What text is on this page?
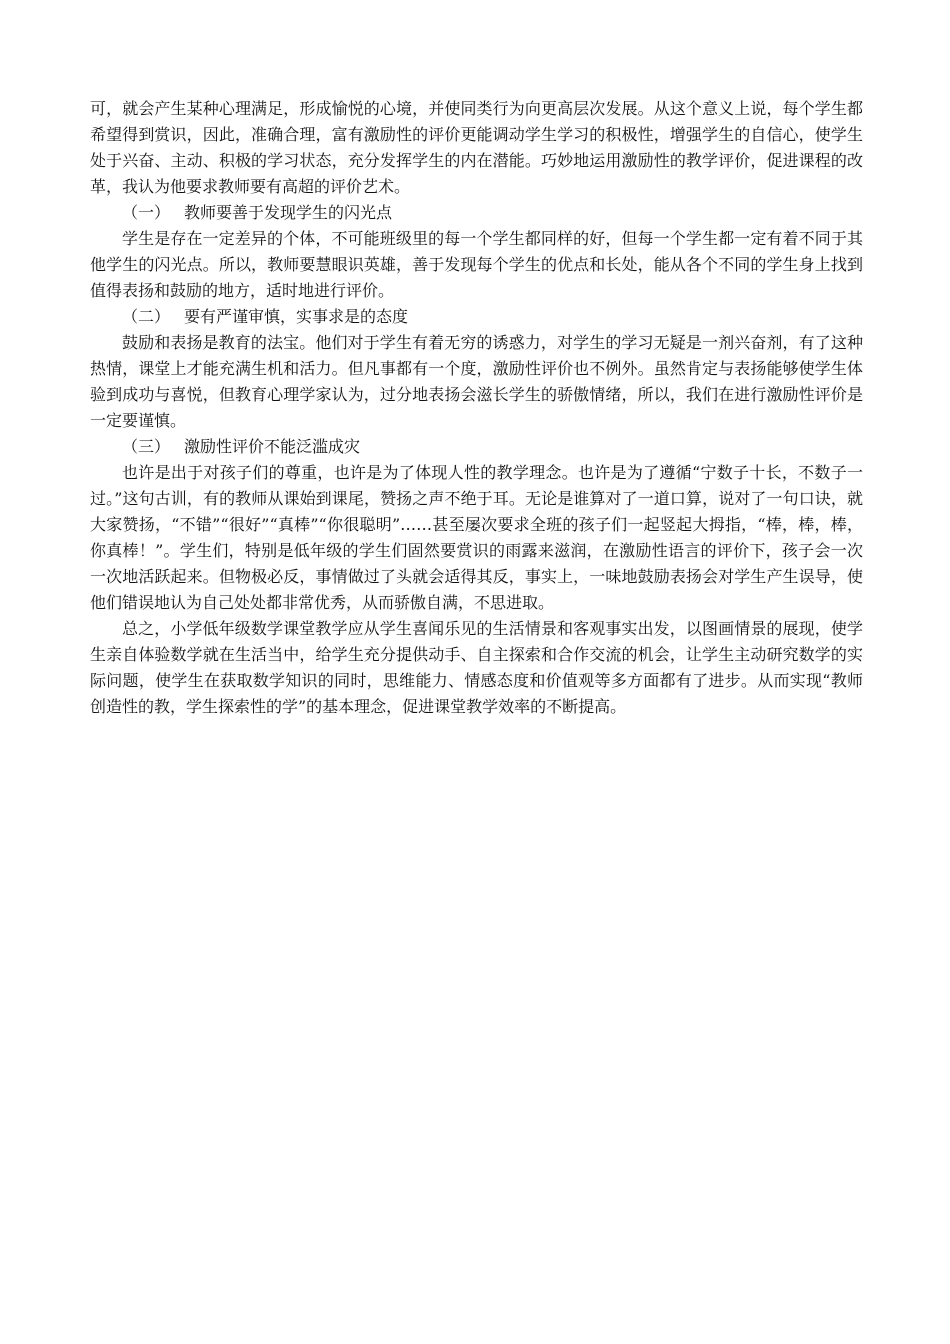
可，就会产生某种心理满足，形成愉悦的心境，并使同类行为向更高层次发展。从这个意义上说，每个学生都希望得到赏识，因此，准确合理，富有激励性的评价更能调动学生学习的积极性，增强学生的自信心，使学生处于兴奋、主动、积极的学习状态，充分发挥学生的内在潜能。巧妙地运用激励性的教学评价，促进课程的改革，我认为他要求教师要有高超的评价艺术。

（一） 教师要善于发现学生的闪光点

学生是存在一定差异的个体，不可能班级里的每一个学生都同样的好，但每一个学生都一定有着不同于其他学生的闪光点。所以，教师要慧眼识英雄，善于发现每个学生的优点和长处，能从各个不同的学生身上找到值得表扬和鼓励的地方，适时地进行评价。

（二） 要有严谨审慎，实事求是的态度

鼓励和表扬是教育的法宝。他们对于学生有着无穷的诱惑力，对学生的学习无疑是一剂兴奋剂，有了这种热情，课堂上才能充满生机和活力。但凡事都有一个度，激励性评价也不例外。虽然肯定与表扬能够使学生体验到成功与喜悦，但教育心理学家认为，过分地表扬会滋长学生的骄傲情绪，所以，我们在进行激励性评价是一定要谨慎。

（三） 激励性评价不能泛滥成灾

也许是出于对孩子们的尊重，也许是为了体现人性的教学理念。也许是为了遵循“宁数子十长，不数子一过。”这句古训，有的教师从课始到课尾，赞扬之声不绝于耳。无论是谁算对了一道口算，说对了一句口诀，就大家赞扬，“不错”“很好”“真棒”“你很聪明”……甚至屡次要求全班的孩子们一起竖起大拇指，“棒，棒，棒，你真棒！”。学生们，特别是低年级的学生们固然要赏识的雨露来滋润，在激励性语言的评价下，孩子会一次一次地活跃起来。但物极必反，事情做过了头就会适得其反，事实上，一味地鼓励表扬会对学生产生误导，使他们错误地认为自己处处都非常优秀，从而骄傲自满，不思进取。

总之，小学低年级数学课堂教学应从学生喜闻乐见的生活情景和客观事实出发，以图画情景的展现，使学生亲自体验数学就在生活当中，给学生充分提供动手、自主探索和合作交流的机会，让学生主动研究数学的实际问题，使学生在获取数学知识的同时，思维能力、情感态度和价值观等多方面都有了进步。从而实现“教师创造性的教，学生探索性的学”的基本理念，促进课堂教学效率的不断提高。
